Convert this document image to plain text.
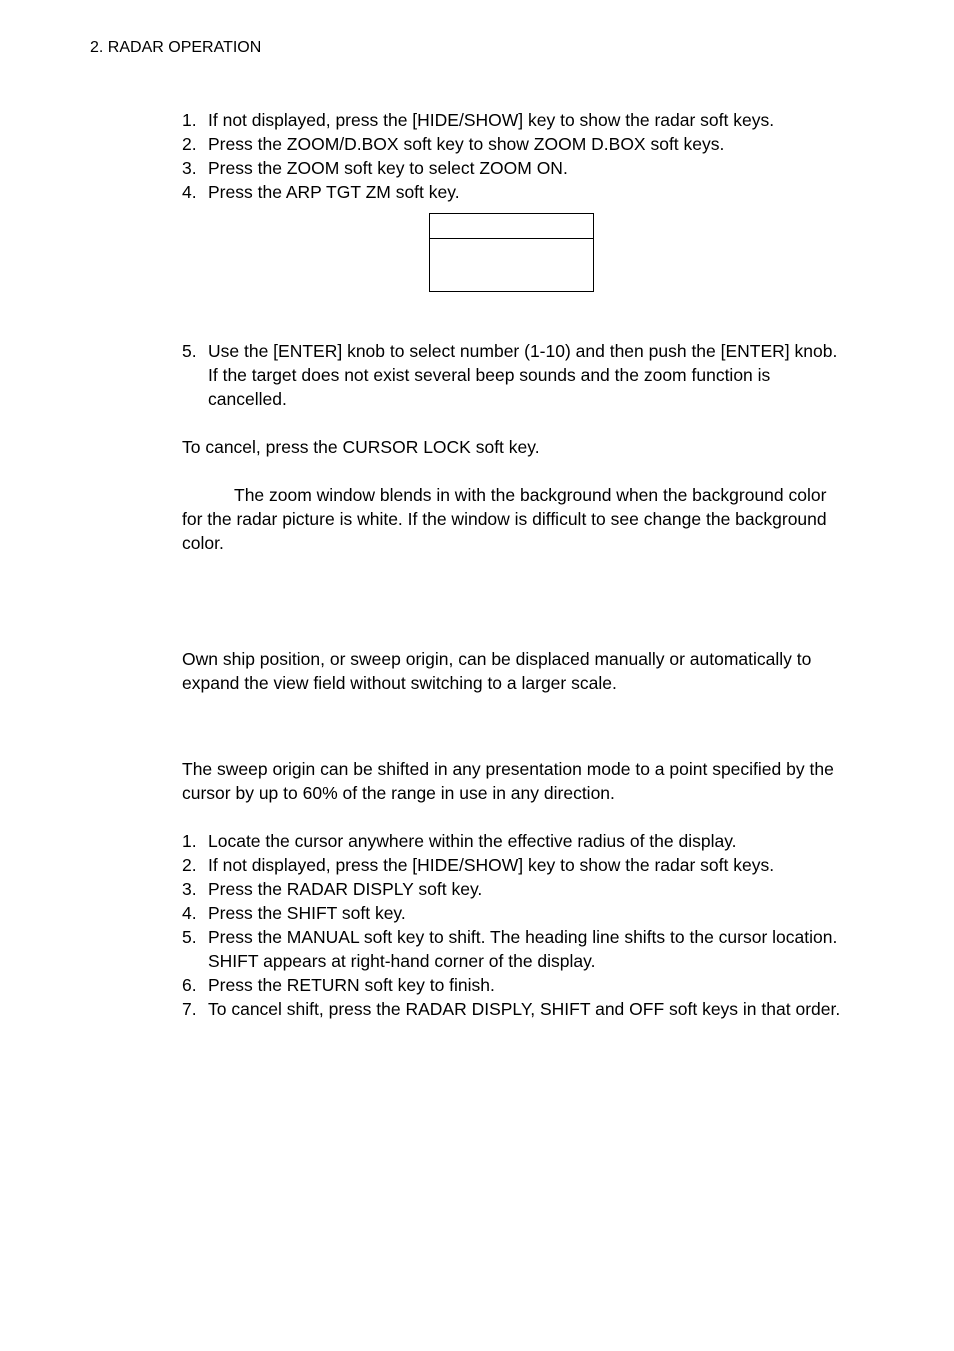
2. RADAR OPERATION
1. If not displayed, press the [HIDE/SHOW] key to show the radar soft keys.
2. Press the ZOOM/D.BOX soft key to show ZOOM D.BOX soft keys.
3. Press the ZOOM soft key to select ZOOM ON.
4. Press the ARP TGT ZM soft key.
5. Use the [ENTER] knob to select number (1-10) and then push the [ENTER] knob. If the target does not exist several beep sounds and the zoom function is cancelled.

To cancel, press the CURSOR LOCK soft key.

The zoom window blends in with the background when the background color for the radar picture is white. If the window is difficult to see change the background color.

Own ship position, or sweep origin, can be displaced manually or automatically to expand the view field without switching to a larger scale.

The sweep origin can be shifted in any presentation mode to a point specified by the cursor by up to 60% of the range in use in any direction.

1. Locate the cursor anywhere within the effective radius of the display.
2. If not displayed, press the [HIDE/SHOW] key to show the radar soft keys.
3. Press the RADAR DISPLY soft key.
4. Press the SHIFT soft key.
5. Press the MANUAL soft key to shift. The heading line shifts to the cursor location. SHIFT appears at right-hand corner of the display.
6. Press the RETURN soft key to finish.
7. To cancel shift, press the RADAR DISPLY, SHIFT and OFF soft keys in that order.
